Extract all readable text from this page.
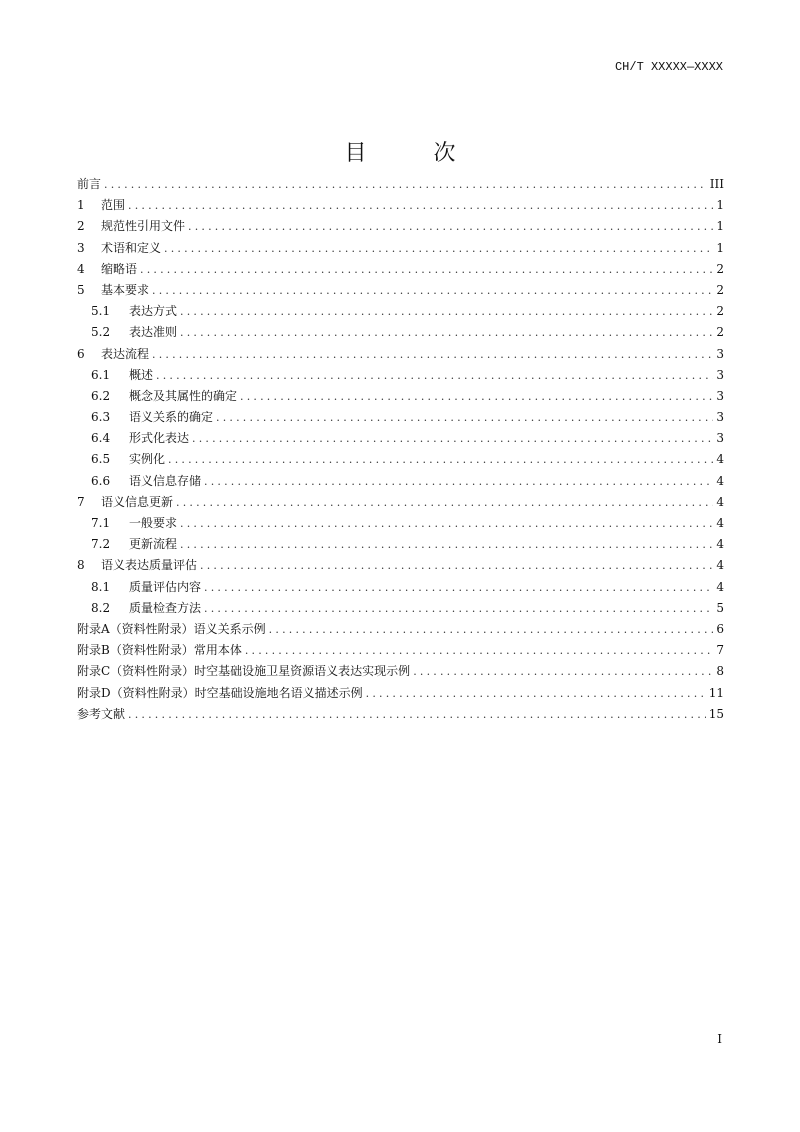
CH/T XXXXX—XXXX
目 次
前言 .....	III
1	范围 .....	1
2	规范性引用文件 .....	1
3	术语和定义 .....	1
4	缩略语 .....	2
5	基本要求 .....	2
5.1	表达方式 .....	2
5.2	表达准则 .....	2
6	表达流程 .....	3
6.1	概述 .....	3
6.2	概念及其属性的确定 .....	3
6.3	语义关系的确定 .....	3
6.4	形式化表达 .....	3
6.5	实例化 .....	4
6.6	语义信息存储 .....	4
7	语义信息更新 .....	4
7.1	一般要求 .....	4
7.2	更新流程 .....	4
8	语义表达质量评估 .....	4
8.1	质量评估内容 .....	4
8.2	质量检查方法 .....	5
附录A（资料性附录）语义关系示例 .....	6
附录B（资料性附录）常用本体 .....	7
附录C（资料性附录）时空基础设施卫星资源语义表达实现示例 .....	8
附录D（资料性附录）时空基础设施地名语义描述示例 .....	11
参考文献 .....	15
I
